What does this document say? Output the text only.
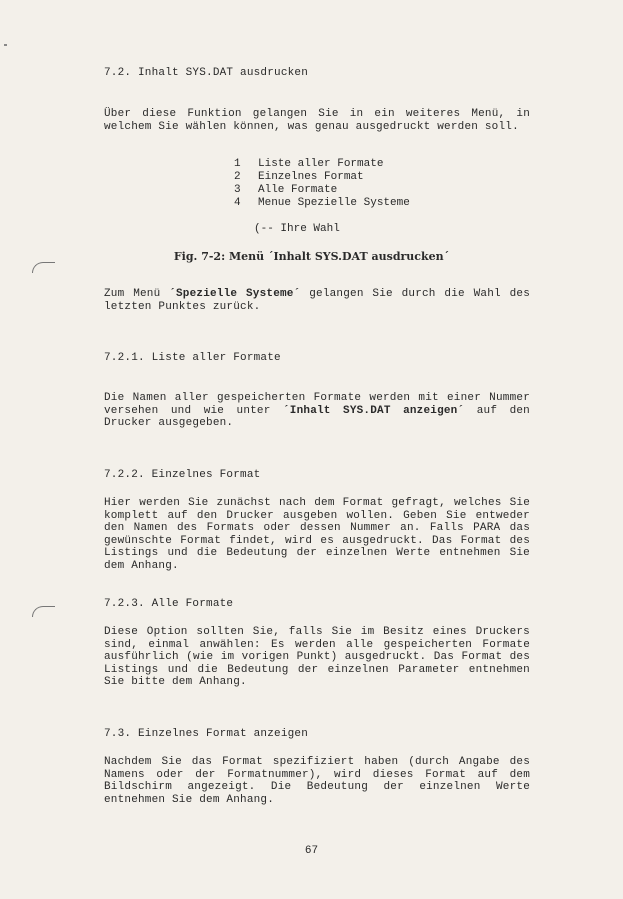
7.2. Inhalt SYS.DAT ausdrucken
Über diese Funktion gelangen Sie in ein weiteres Menü, in welchem Sie wählen können, was genau ausgedruckt werden soll.
1 Liste aller Formate
2 Einzelnes Format
3 Alle Formate
4 Menue Spezielle Systeme
(-- Ihre Wahl
Fig. 7-2: Menü ´Inhalt SYS.DAT ausdrucken´
Zum Menü ´Spezielle Systeme´ gelangen Sie durch die Wahl des letzten Punktes zurück.
7.2.1. Liste aller Formate
Die Namen aller gespeicherten Formate werden mit einer Nummer versehen und wie unter ´Inhalt SYS.DAT anzeigen´ auf den Drucker ausgegeben.
7.2.2. Einzelnes Format
Hier werden Sie zunächst nach dem Format gefragt, welches Sie komplett auf den Drucker ausgeben wollen. Geben Sie entweder den Namen des Formats oder dessen Nummer an. Falls PARA das gewünschte Format findet, wird es ausgedruckt. Das Format des Listings und die Bedeutung der einzelnen Werte entnehmen Sie dem Anhang.
7.2.3. Alle Formate
Diese Option sollten Sie, falls Sie im Besitz eines Druckers sind, einmal anwählen: Es werden alle gespeicherten Formate ausführlich (wie im vorigen Punkt) ausgedruckt. Das Format des Listings und die Bedeutung der einzelnen Parameter entnehmen Sie bitte dem Anhang.
7.3. Einzelnes Format anzeigen
Nachdem Sie das Format spezifiziert haben (durch Angabe des Namens oder der Formatnummer), wird dieses Format auf dem Bildschirm angezeigt. Die Bedeutung der einzelnen Werte entnehmen Sie dem Anhang.
67
